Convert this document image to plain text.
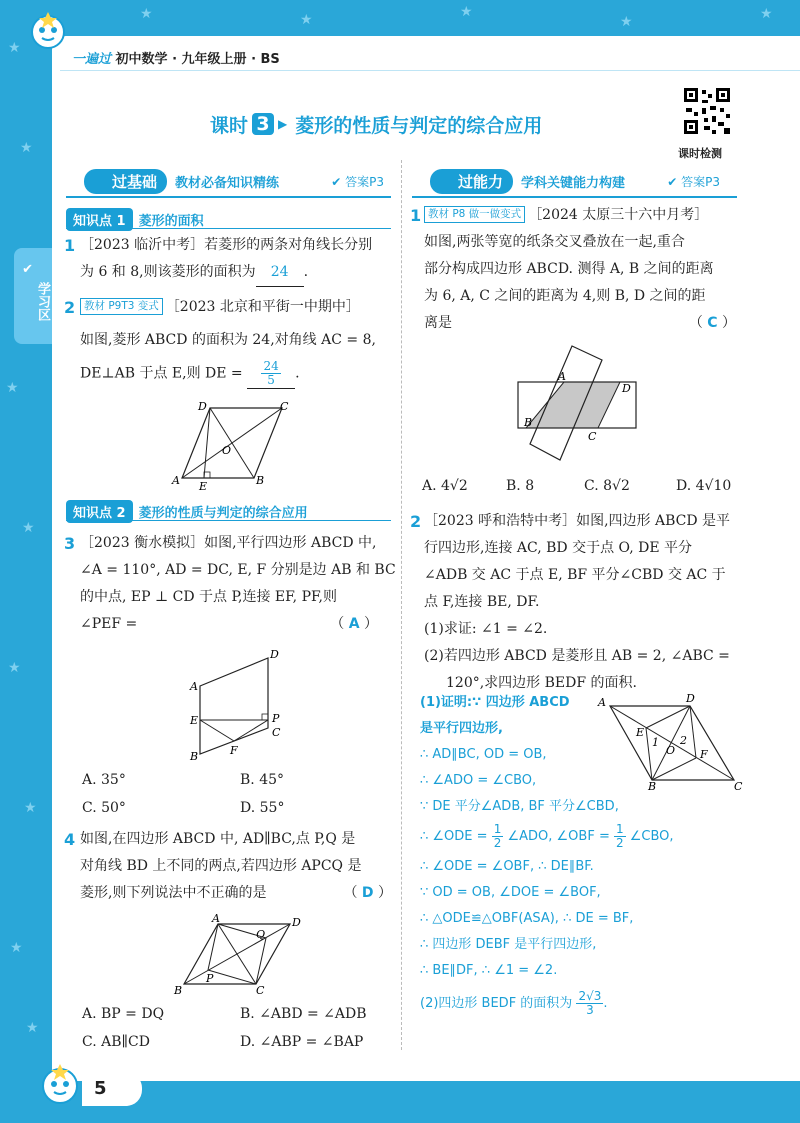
★
★
★
★
★
★
★
★
★	★	★
★	★
一遍过 初中数学 · 九年级上册 · BS
课时检测
课时 3 ▶ 菱形的性质与判定的综合应用
学习区
✔
过基础	教材必备知识精练	✔ 答案P3	过能力	学科关键能力构建	✔ 答案P3
知识点 1	菱形的面积
1 ［2023 临沂中考］若菱形的两条对角线长分别
为 6 和 8,则该菱形的面积为 24 .
2 教材 P9T3 变式 ［2023 北京和平街一中期中］
如图,菱形 ABCD 的面积为 24,对角线 AC = 8,
DE⊥AB 于点 E,则 DE = $\frac{24}{5}$ .
A	B
C
D
E
O
知识点 2	菱形的性质与判定的综合应用
3 ［2023 衡水模拟］如图,平行四边形 ABCD 中,
∠A = 110°, AD = DC, E, F 分别是边 AB 和 BC
的中点, EP ⊥ CD 于点 P,连接 EF, PF,则
∠PEF =	（ A ）
A
B
C
D
E
F
P
A. 35°	B. 45°
C. 50°	D. 55°
4 如图,在四边形 ABCD 中, AD∥BC,点 P,Q 是
对角线 BD 上不同的两点,若四边形 APCQ 是
菱形,则下列说法中不正确的是	（ D ）
A
B	C
D
P
Q
A. BP = DQ	B. ∠ABD = ∠ADB
C. AB∥CD	D. ∠ABP = ∠BAP
1 教材 P8 做一做变式 ［2024 太原三十六中月考］
如图,两张等宽的纸条交叉叠放在一起,重合
部分构成四边形 ABCD. 测得 A, B 之间的距离
为 6, A, C 之间的距离为 4,则 B, D 之间的距
离是	（ C ）
A
B
C
D
A. 4√2	B. 8	C. 8√2	D. 4√10
2 ［2023 呼和浩特中考］如图,四边形 ABCD 是平
行四边形,连接 AC, BD 交于点 O, DE 平分
∠ADB 交 AC 于点 E, BF 平分∠CBD 交 AC 于
点 F,连接 BE, DF.
(1)求证: ∠1 = ∠2.
(2)若四边形 ABCD 是菱形且 AB = 2, ∠ABC =
120°,求四边形 BEDF 的面积.
(1)证明:∵ 四边形 ABCD
是平行四边形,
∴ AD∥BC, OD = OB,
∴ ∠ADO = ∠CBO,
∵ DE 平分∠ADB, BF 平分∠CBD,
∴ ∠ODE = $\frac{1}{2}$ ∠ADO, ∠OBF = $\frac{1}{2}$ ∠CBO,
∴ ∠ODE = ∠OBF, ∴ DE∥BF.
∵ OD = OB, ∠DOE = ∠BOF,
∴ △ODE≌△OBF(ASA), ∴ DE = BF,
∴ 四边形 DEBF 是平行四边形,
∴ BE∥DF, ∴ ∠1 = ∠2.
(2)四边形 BEDF 的面积为 $\frac{2√3}{3}$ .
A
B	C
D
E
F
O
1 2
5
